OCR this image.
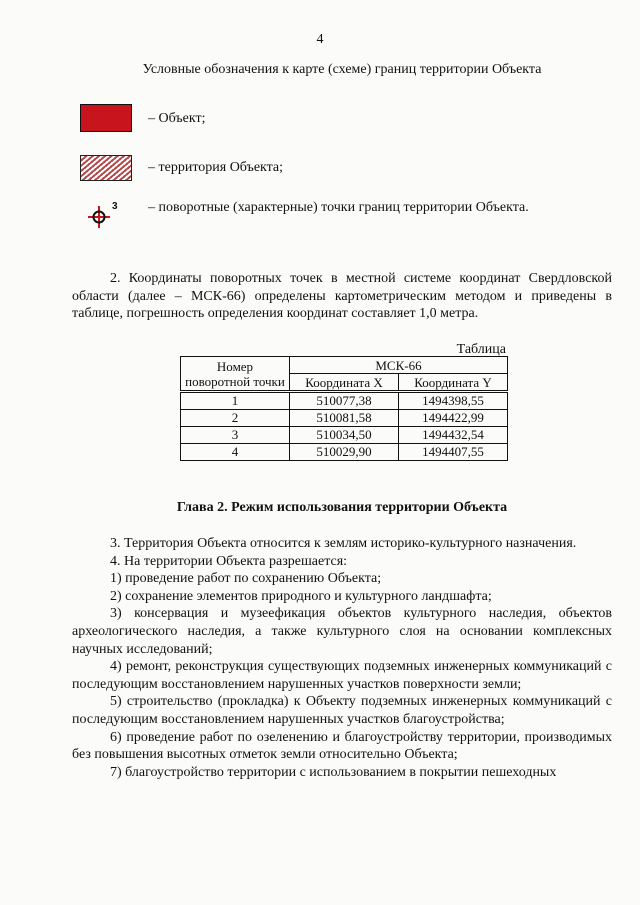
4
Условные обозначения к карте (схеме) границ территории Объекта
– Объект;
– территория Объекта;
3 – поворотные (характерные) точки границ территории Объекта.
2. Координаты поворотных точек в местной системе координат Свердловской области (далее – МСК-66) определены картометрическим методом и приведены в таблице, погрешность определения координат составляет 1,0 метра.
Таблица
Номер поворотной точки	МСК-66	
	Координата X	Координата Y
1	510077,38	1494398,55
2	510081,58	1494422,99
3	510034,50	1494432,54
4	510029,90	1494407,55
Глава 2. Режим использования территории Объекта
3. Территория Объекта относится к землям историко-культурного назначения.
4. На территории Объекта разрешается:
1) проведение работ по сохранению Объекта;
2) сохранение элементов природного и культурного ландшафта;
3) консервация и музеефикация объектов культурного наследия, объектов археологического наследия, а также культурного слоя на основании комплексных научных исследований;
4) ремонт, реконструкция существующих подземных инженерных коммуникаций с последующим восстановлением нарушенных участков поверхности земли;
5) строительство (прокладка) к Объекту подземных инженерных коммуникаций с последующим восстановлением нарушенных участков благоустройства;
6) проведение работ по озеленению и благоустройству территории, производимых без повышения высотных отметок земли относительно Объекта;
7) благоустройство территории с использованием в покрытии пешеходных
